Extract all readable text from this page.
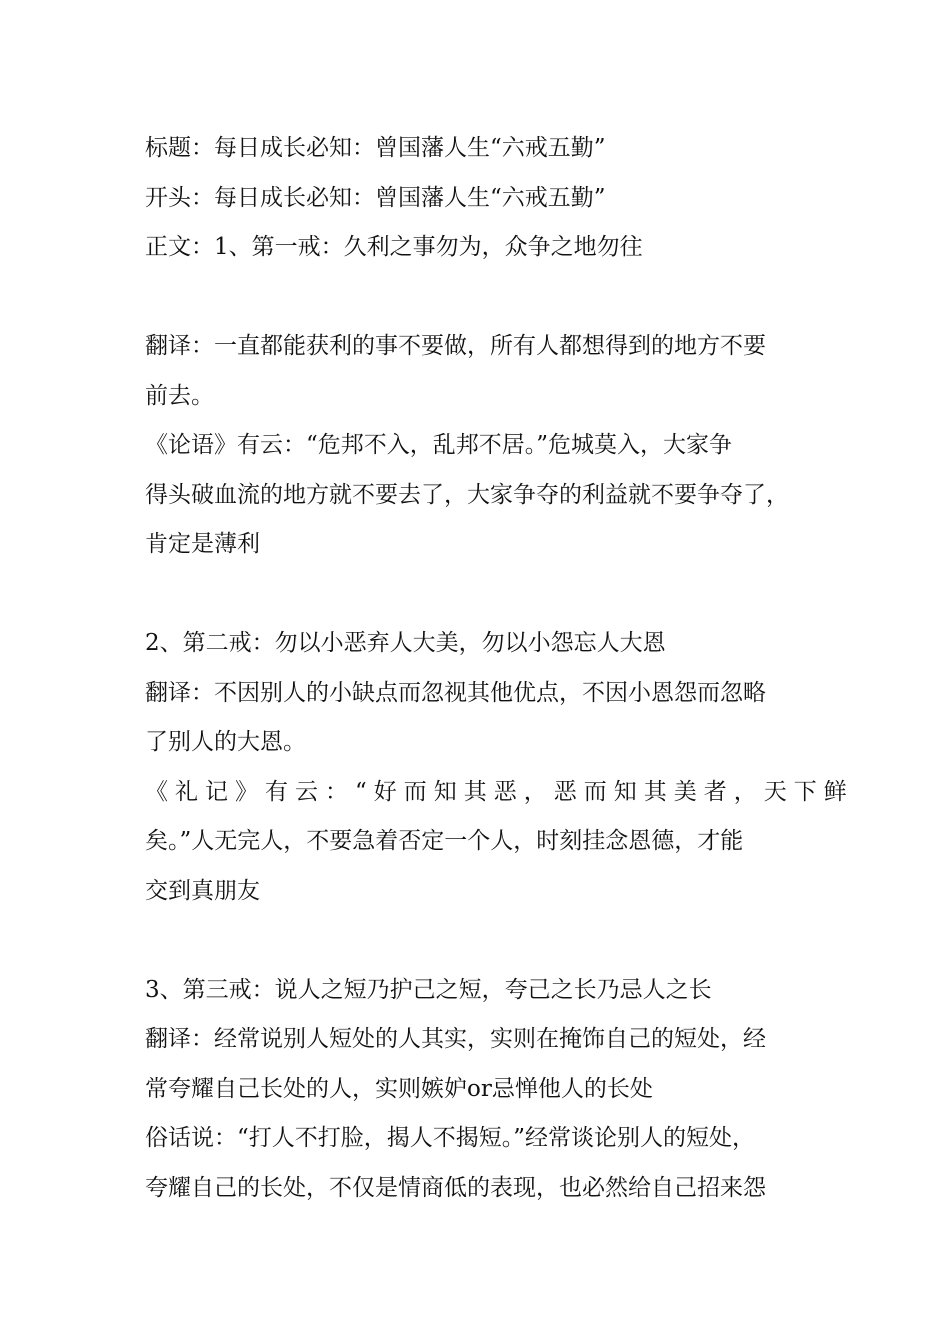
标题：每日成长必知：曾国藩人生“六戒五勤”
开头：每日成长必知：曾国藩人生“六戒五勤”
正文：1、第一戒：久利之事勿为，众争之地勿往
翻译：一直都能获利的事不要做，所有人都想得到的地方不要
前去。
《论语》有云：“危邦不入，乱邦不居。”危城莫入，大家争
得头破血流的地方就不要去了，大家争夺的利益就不要争夺了，
肯定是薄利
2、第二戒：勿以小恶弃人大美，勿以小怨忘人大恩
翻译：不因别人的小缺点而忽视其他优点，不因小恩怨而忽略
了别人的大恩。
《礼记》有云：“好而知其恶，恶而知其美者，天下鲜
矣。”人无完人，不要急着否定一个人，时刻挂念恩德，才能
交到真朋友
3、第三戒：说人之短乃护己之短，夸己之长乃忌人之长
翻译：经常说别人短处的人其实，实则在掩饰自己的短处，经
常夸耀自己长处的人，实则嫉妒or忌惮他人的长处
俗话说：“打人不打脸，揭人不揭短。”经常谈论别人的短处，
夸耀自己的长处，不仅是情商低的表现，也必然给自己招来怨
